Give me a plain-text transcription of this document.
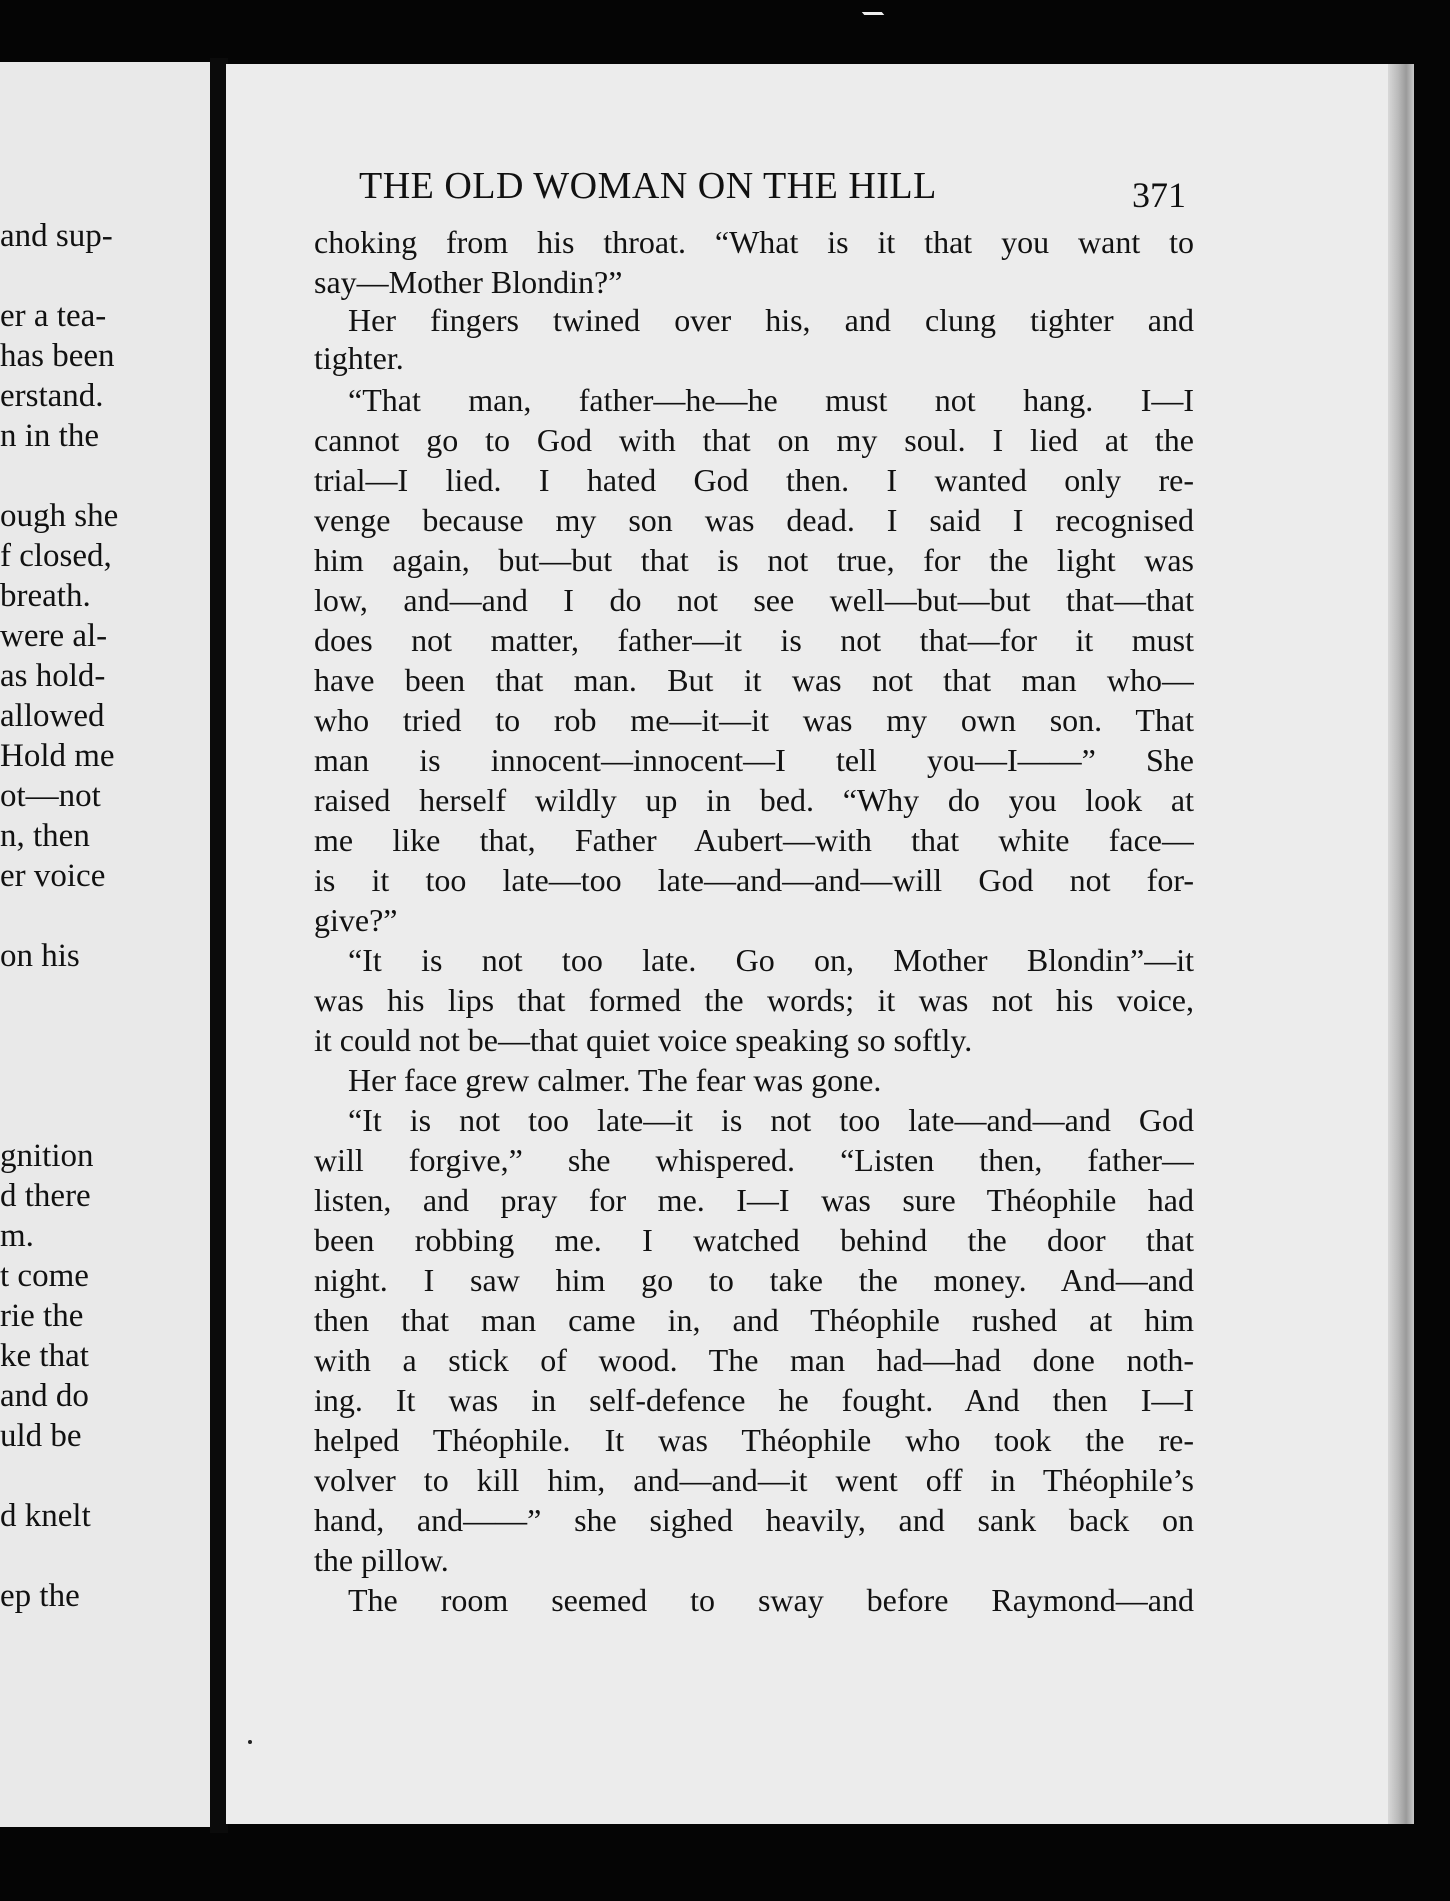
and sup-
er a tea-
has been
erstand.
n in the
ough she
f closed,
breath.
were al-
as hold-
allowed
Hold me
ot—not
n, then
er voice
on his
gnition
d there
m.
t come
rie the
ke that
and do
uld be
d knelt
ep the
THE OLD WOMAN ON THE HILL	371
choking from his throat. “What is it that you want to
say—Mother Blondin?”
Her fingers twined over his, and clung tighter and
tighter.
“That man, father—he—he must not hang. I—I
cannot go to God with that on my soul. I lied at the
trial—I lied. I hated God then. I wanted only re-
venge because my son was dead. I said I recognised
him again, but—but that is not true, for the light was
low, and—and I do not see well—but—but that—that
does not matter, father—it is not that—for it must
have been that man. But it was not that man who—
who tried to rob me—it—it was my own son. That
man is innocent—innocent—I tell you—I——” She
raised herself wildly up in bed. “Why do you look at
me like that, Father Aubert—with that white face—
is it too late—too late—and—and—will God not for-
give?”
“It is not too late. Go on, Mother Blondin”—it
was his lips that formed the words; it was not his voice,
it could not be—that quiet voice speaking so softly.
Her face grew calmer. The fear was gone.
“It is not too late—it is not too late—and—and God
will forgive,” she whispered. “Listen then, father—
listen, and pray for me. I—I was sure Théophile had
been robbing me. I watched behind the door that
night. I saw him go to take the money. And—and
then that man came in, and Théophile rushed at him
with a stick of wood. The man had—had done noth-
ing. It was in self-defence he fought. And then I—I
helped Théophile. It was Théophile who took the re-
volver to kill him, and—and—it went off in Théophile’s
hand, and——” she sighed heavily, and sank back on
the pillow.
The room seemed to sway before Raymond—and
